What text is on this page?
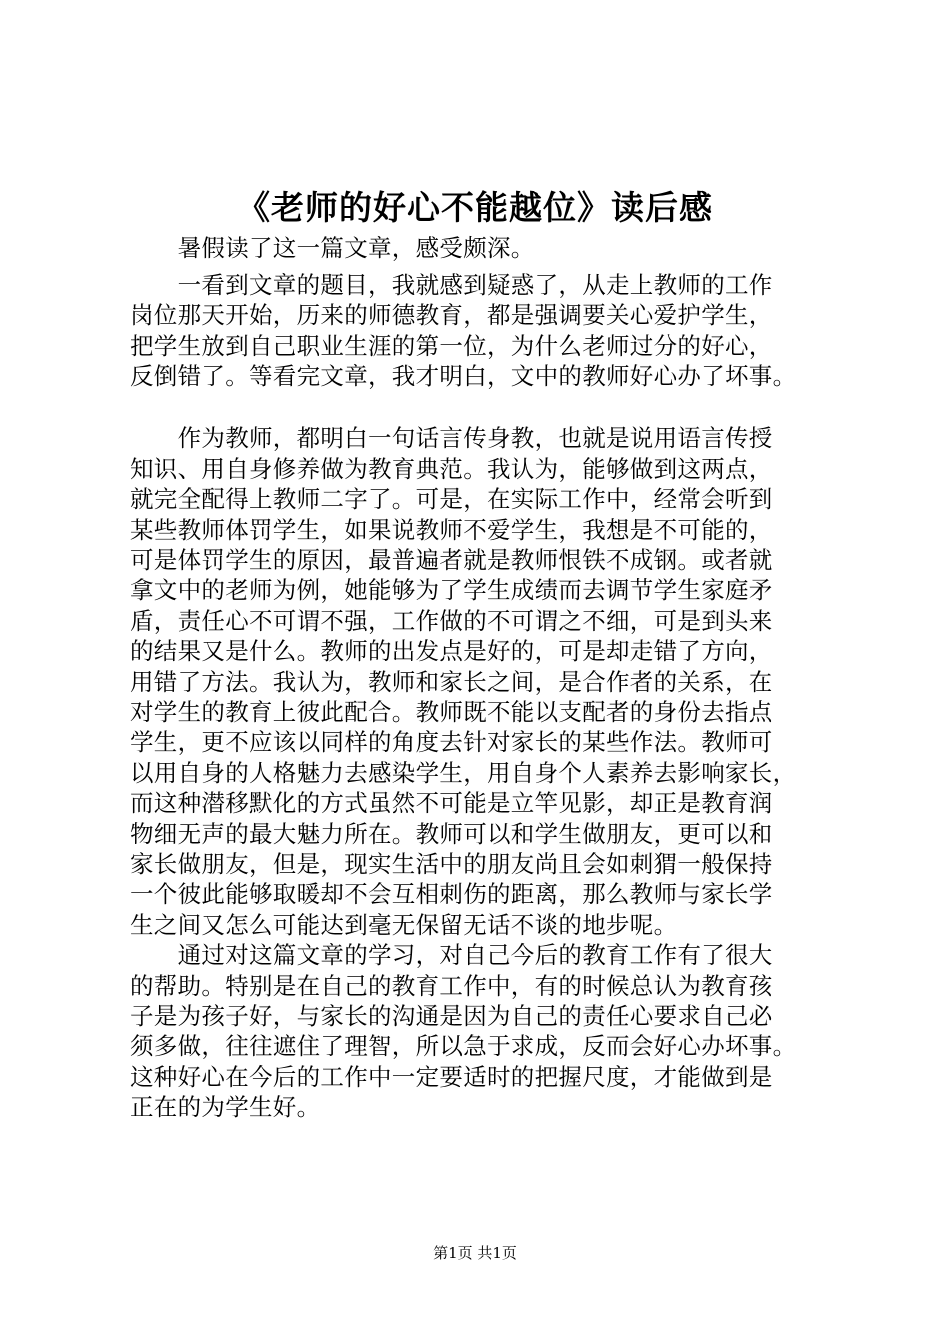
《老师的好心不能越位》读后感
　　暑假读了这一篇文章，感受颇深。
　　一看到文章的题目，我就感到疑惑了，从走上教师的工作
岗位那天开始，历来的师德教育，都是强调要关心爱护学生，
把学生放到自己职业生涯的第一位，为什么老师过分的好心，
反倒错了。等看完文章，我才明白，文中的教师好心办了坏事。
　　作为教师，都明白一句话言传身教，也就是说用语言传授
知识、用自身修养做为教育典范。我认为，能够做到这两点，
就完全配得上教师二字了。可是，在实际工作中，经常会听到
某些教师体罚学生，如果说教师不爱学生，我想是不可能的，
可是体罚学生的原因，最普遍者就是教师恨铁不成钢。或者就
拿文中的老师为例，她能够为了学生成绩而去调节学生家庭矛
盾，责任心不可谓不强，工作做的不可谓之不细，可是到头来
的结果又是什么。教师的出发点是好的，可是却走错了方向，
用错了方法。我认为，教师和家长之间，是合作者的关系，在
对学生的教育上彼此配合。教师既不能以支配者的身份去指点
学生，更不应该以同样的角度去针对家长的某些作法。教师可
以用自身的人格魅力去感染学生，用自身个人素养去影响家长，
而这种潜移默化的方式虽然不可能是立竿见影，却正是教育润
物细无声的最大魅力所在。教师可以和学生做朋友，更可以和
家长做朋友，但是，现实生活中的朋友尚且会如刺猬一般保持
一个彼此能够取暖却不会互相刺伤的距离，那么教师与家长学
生之间又怎么可能达到毫无保留无话不谈的地步呢。
　　通过对这篇文章的学习，对自己今后的教育工作有了很大
的帮助。特别是在自己的教育工作中，有的时候总认为教育孩
子是为孩子好，与家长的沟通是因为自己的责任心要求自己必
须多做，往往遮住了理智，所以急于求成，反而会好心办坏事。
这种好心在今后的工作中一定要适时的把握尺度，才能做到是
正在的为学生好。
第1页 共1页
